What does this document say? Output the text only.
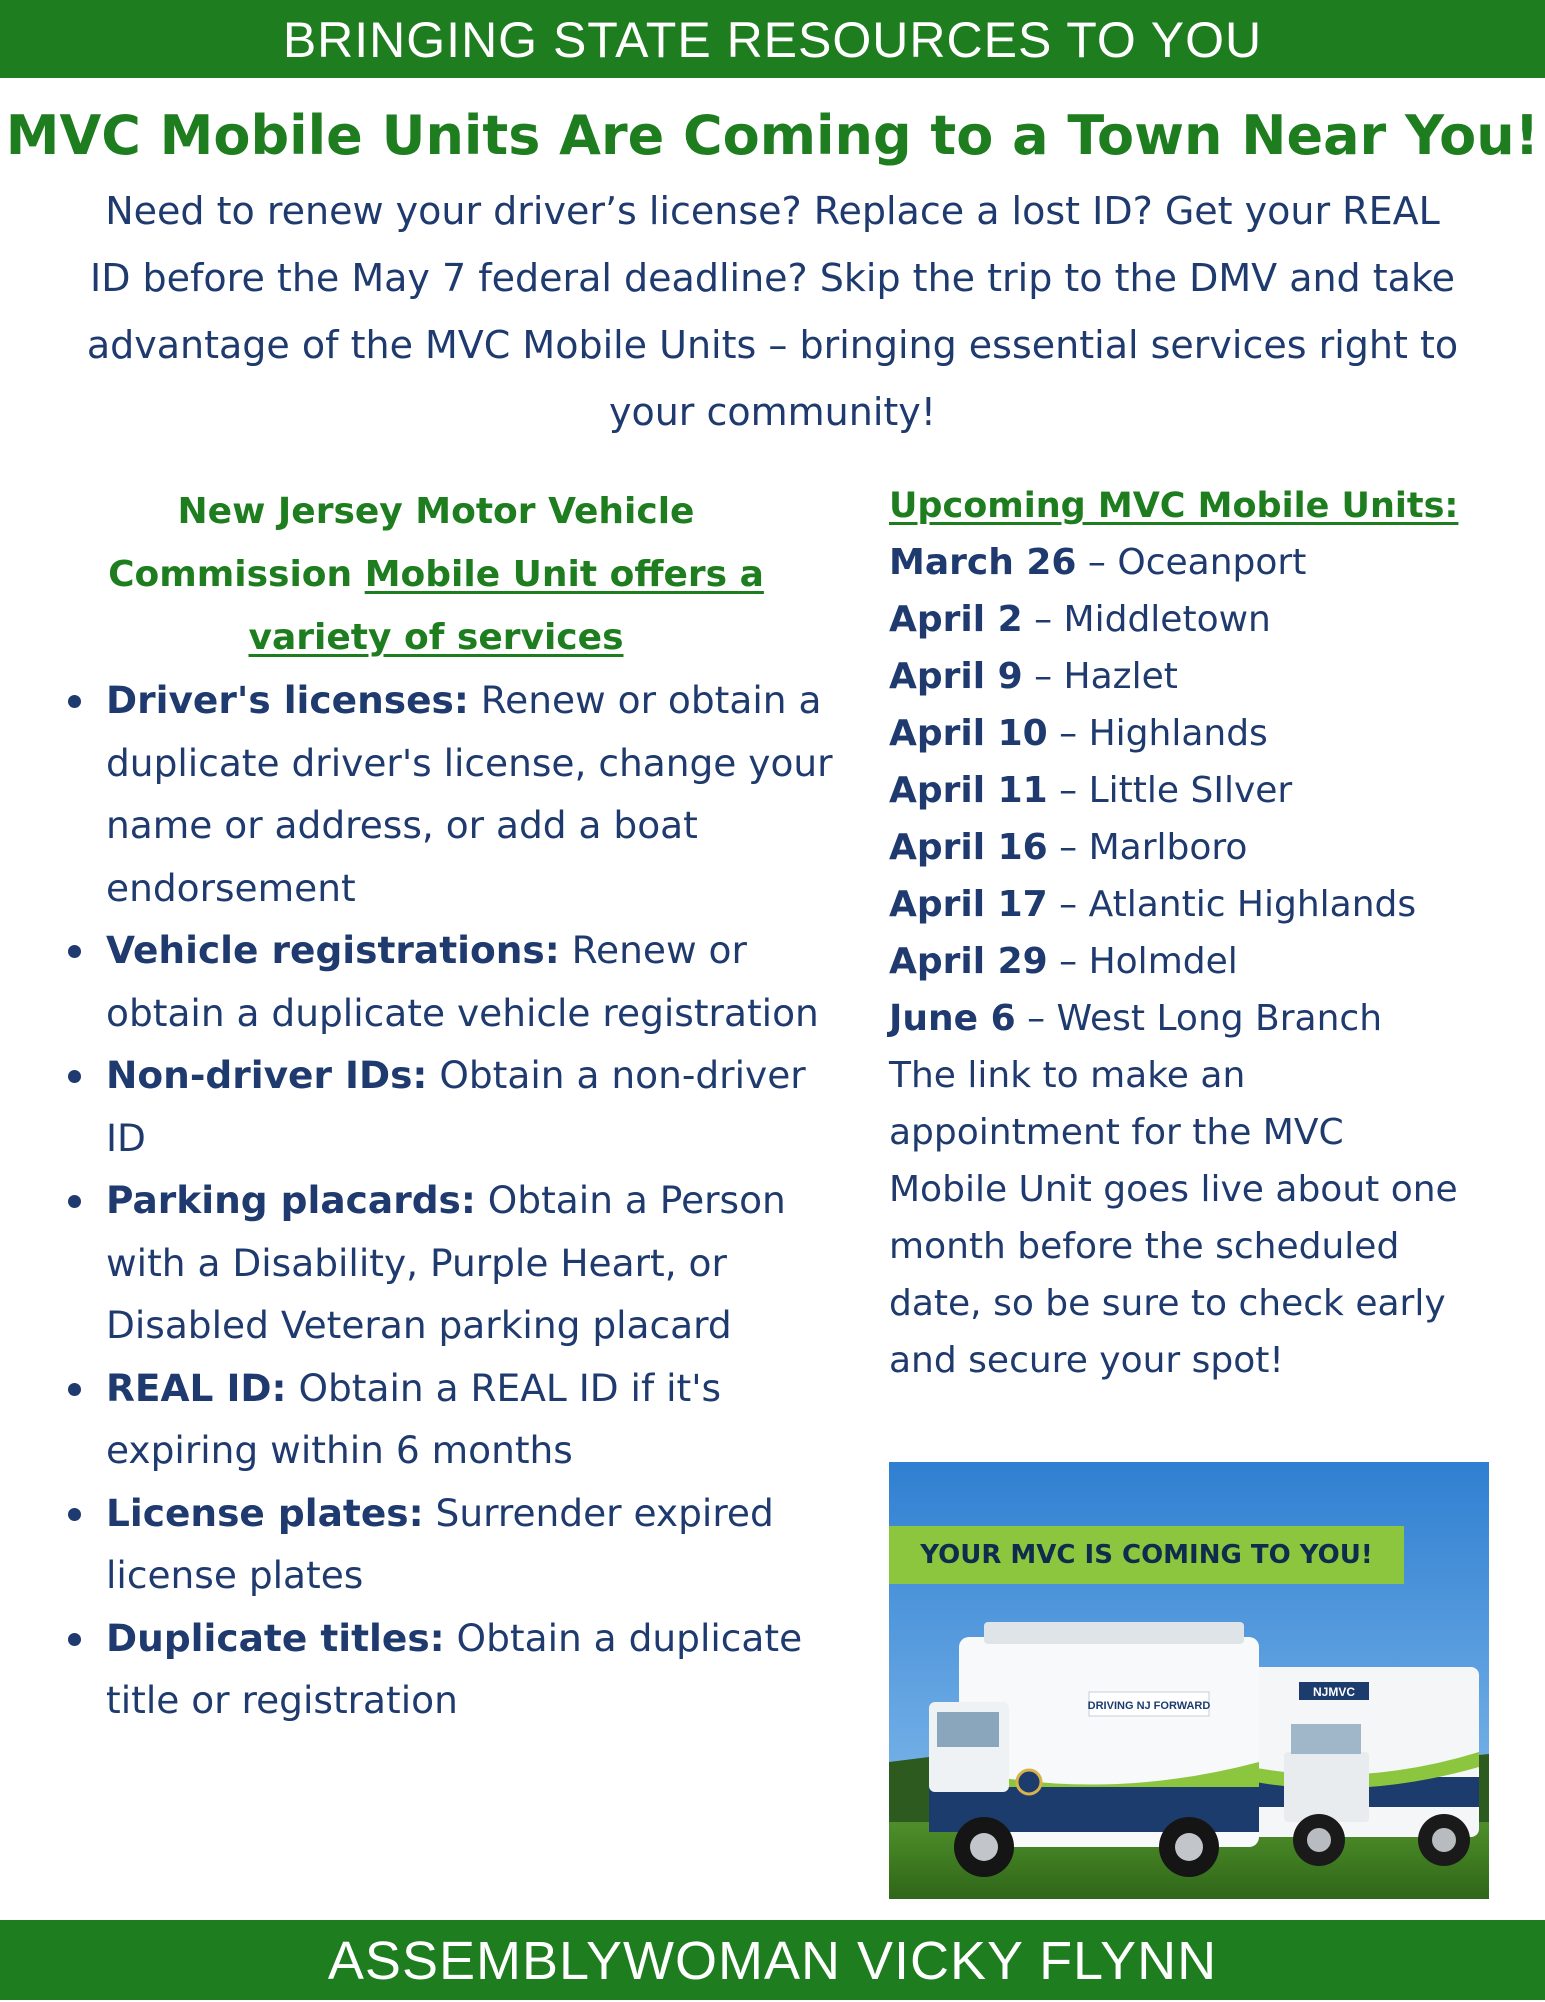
BRINGING STATE RESOURCES TO YOU
MVC Mobile Units Are Coming to a Town Near You!
Need to renew your driver’s license? Replace a lost ID? Get your REAL ID before the May 7 federal deadline? Skip the trip to the DMV and take advantage of the MVC Mobile Units – bringing essential services right to your community!

New Jersey Motor Vehicle Commission Mobile Unit offers a variety of services

Driver's licenses: Renew or obtain a duplicate driver's license, change your name or address, or add a boat endorsement
Vehicle registrations: Renew or obtain a duplicate vehicle registration
Non-driver IDs: Obtain a non-driver ID
Parking placards: Obtain a Person with a Disability, Purple Heart, or Disabled Veteran parking placard
REAL ID: Obtain a REAL ID if it's expiring within 6 months
License plates: Surrender expired license plates
Duplicate titles: Obtain a duplicate title or registration

Upcoming MVC Mobile Units:

March 26 – Oceanport
April 2 – Middletown
April 9 – Hazlet
April 10 – Highlands
April 11 – Little SIlver
April 16 – Marlboro
April 17 – Atlantic Highlands
April 29 – Holmdel
June 6 – West Long Branch

The link to make an appointment for the MVC Mobile Unit goes live about one month before the scheduled date, so be sure to check early and secure your spot!

NJMVC
DRIVING NJ FORWARD
YOUR MVC IS COMING TO YOU!
ASSEMBLYWOMAN VICKY FLYNN
